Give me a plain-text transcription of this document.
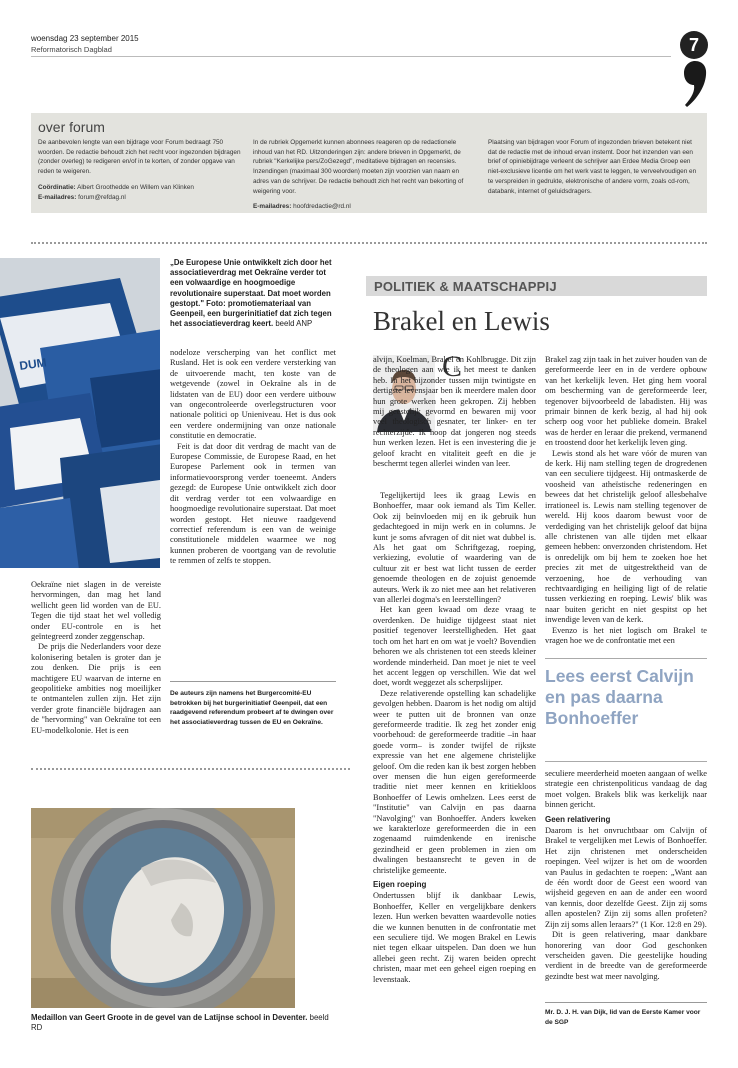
woensdag 23 september 2015
Reformatorisch Dagblad	7
over forum
De aanbevolen lengte van een bijdrage voor Forum bedraagt 750 woorden. De redactie behoudt zich het recht voor ingezonden bijdragen (zonder overleg) te redigeren en/of in te korten, of zonder opgave van reden te weigeren.
Coördinatie: Albert Groothedde en Willem van Klinken
E-mailadres: forum@refdag.nl
In de rubriek Opgemerkt kunnen abonnees reageren op de redactionele inhoud van het RD. Uitzonderingen zijn: andere brieven in Opgemerkt, de rubriek "Kerkelijke pers/ZoGezegd", meditatieve bijdragen en recensies. Inzendingen (maximaal 300 woorden) moeten zijn voorzien van naam en adres van de schrijver. De redactie behoudt zich het recht van bekorting of weigering voor.
E-mailadres: hoofdredactie@rd.nl
Plaatsing van bijdragen voor Forum of ingezonden brieven betekent niet dat de redactie met de inhoud ervan instemt. Door het inzenden van een brief of opiniebijdrage verleent de schrijver aan Erdee Media Groep een niet-exclusieve licentie om het werk vast te leggen, te verveelvoudigen en te verspreiden in gedrukte, elektronische of andere vorm, zoals cd-rom, databank, internet of geluidsdragers.
DUM
„De Europese Unie ontwikkelt zich door het associatieverdrag met Oekraïne verder tot een volwaardige en hoogmoedige revolutionaire superstaat. Dat moet worden gestopt." Foto: promotiemateriaal van Geenpeil, een burgerinitiatief dat zich tegen het associatieverdrag keert. beeld ANP

nodeloze verscherping van het conflict met Rusland. Het is ook een verdere versterking van de uitvoerende macht, ten koste van de wetgevende (zowel in Oekraïne als in de lidstaten van de EU) door een verdere uitbouw van ongecontroleerde overlegstructuren voor nationale politici op Unieniveau. Het is dus ook een verdere ondermijning van onze nationale constitutie en democratie.

Feit is dat door dit verdrag de macht van de Europese Commissie, de Europese Raad, en het Europese Parlement ook in termen van informatievoorsprong verder toeneemt. Anders gezegd: de Europese Unie ontwikkelt zich door dit verdrag verder tot een volwaardige en hoogmoedige revolutionaire superstaat. Dat moet worden gestopt. Het nieuwe raadgevend correctief referendum is een van de weinige constitutionele middelen waarmee we nog kunnen proberen de voortgang van de revolutie te remmen of zelfs te stoppen.

Oekraïne niet slagen in de vereiste hervormingen, dan mag het land wellicht geen lid worden van de EU. Tegen die tijd staat het wel volledig onder EU-controle en is het geïntegreerd zonder zeggenschap.

De prijs die Nederlanders voor deze kolonisering betalen is groter dan je zou denken. Die prijs is een machtigere EU waarvan de interne en geopolitieke ambities nog moeilijker te ontmantelen zullen zijn. Het zijn verder grote financiële bijdragen aan de "hervorming" van Oekraïne tot een EU-modelkolonie. Het is een

De auteurs zijn namens het Burgercomité-EU betrokken bij het burgerinitiatief Geenpeil, dat een raadgevend referendum probeert af te dwingen over het associatieverdrag tussen de EU en Oekraïne.
Medaillon van Geert Groote in de gevel van de Latijnse school in Deventer. beeld RD
POLITIEK & MAATSCHAPPIJ
Brakel en Lewis
C
alvijn, Koelman, Brakel en Kohlbrugge. Dit zijn de theologen aan wie ik het meest te danken heb. In het bijzonder tussen mijn twintigste en dertigste levensjaar ben ik meerdere malen door hun grote werken heen gekropen. Zij hebben mij geestelijk gevormd en bewaren mij voor veel theologisch gesnater, ter linker- en ter rechterzijde. Ik hoop dat jongeren nog steeds hun werken lezen. Het is een investering die je geloof kracht en vitaliteit geeft en die je beschermt tegen allerlei winden van leer.

Tegelijkertijd lees ik graag Lewis en Bonhoeffer, maar ook iemand als Tim Keller. Ook zij beïnvloeden mij en ik gebruik hun gedachtegoed in mijn werk en in columns. Je kunt je soms afvragen of dit niet wat dubbel is. Als het gaat om Schriftgezag, roeping, verkiezing, evolutie of waardering van de cultuur zit er best wat licht tussen de eerder genoemde theologen en de zojuist genoemde auteurs. Werk ik zo niet mee aan het relativeren van allerlei dogma's en leerstellingen?

Het kan geen kwaad om deze vraag te overdenken. De huidige tijdgeest staat niet positief tegenover leerstelligheden. Het gaat toch om het hart en om wat je voelt? Bovendien behoren we als christenen tot een steeds kleiner wordende minderheid. Dan moet je niet te veel het accent leggen op verschillen. Wie dat wel doet, wordt weggezet als scherpslijper.

Deze relativerende opstelling kan schadelijke gevolgen hebben. Daarom is het nodig om altijd weer te putten uit de bronnen van onze gereformeerde traditie. Ik zeg het zonder enig voorbehoud: de gereformeerde traditie –in haar goede vorm– is zonder twijfel de rijkste expressie van het ene algemene christelijke geloof. Om die reden kan ik best zorgen hebben over mensen die hun eigen gereformeerde traditie niet meer kennen en kritiekloos Bonhoeffer of Lewis omhelzen. Lees eerst de "Institutie" van Calvijn en pas daarna "Navolging" van Bonhoeffer. Anders kweken we karakterloze gereformeerden die in een zogenaamd ruimdenkende en irenische gezindheid er geen problemen in zien om dwalingen bestaansrecht te geven in de christelijke gemeente.

Eigen roeping

Ondertussen blijf ik dankbaar Lewis, Bonhoeffer, Keller en vergelijkbare denkers lezen. Hun werken bevatten waardevolle noties die we kunnen benutten in de confrontatie met een seculiere tijd. We mogen Brakel en Lewis niet tegen elkaar uitspelen. Dan doen we hun allebei geen recht. Zij waren beiden oprecht christen, maar met een geheel eigen roeping en levenstaak.

Brakel zag zijn taak in het zuiver houden van de gereformeerde leer en in de verdere opbouw van het kerkelijk leven. Het ging hem vooral om bescherming van de gereformeerde leer, tegenover bijvoorbeeld de labadisten. Hij was primair binnen de kerk bezig, al had hij ook scherp oog voor het publieke domein. Brakel was de herder en leraar die prekend, vermanend en troostend door het kerkelijk leven ging.

Lewis stond als het ware vóór de muren van de kerk. Hij nam stelling tegen de drogredenen van een seculiere tijdgeest. Hij ontmaskerde de voosheid van atheïstische redeneringen en bewees dat het christelijk geloof allesbehalve irrationeel is. Lewis nam stelling tegenover de wereld. Hij koos daarom bewust voor de verdediging van het christelijk geloof dat bijna alle christenen van alle tijden met elkaar gemeen hebben: onverzonden christendom. Het is onredelijk om bij hem te zoeken hoe het precies zit met de uitgestrektheid van de verzoening, hoe de verhouding van rechtvaardiging en heiliging ligt of de relatie tussen verkiezing en roeping. Lewis' blik was naar buiten gericht en niet gespitst op het inwendige leven van de kerk.

Evenzo is het niet logisch om Brakel te vragen hoe we de confrontatie met een

Lees eerst Calvijn en pas daarna Bonhoeffer

seculiere meerderheid moeten aangaan of welke strategie een christenpoliticus vandaag de dag moet volgen. Brakels blik was kerkelijk naar binnen gericht.

Geen relativering

Daarom is het onvruchtbaar om Calvijn of Brakel te vergelijken met Lewis of Bonhoeffer. Het zijn christenen met onderscheiden roepingen. Veel wijzer is het om de woorden van Paulus in gedachten te roepen: „Want aan de één wordt door de Geest een woord van wijsheid gegeven en aan de ander een woord van kennis, door dezelfde Geest. Zijn zij soms allen apostelen? Zijn zij soms allen profeten? Zijn zij soms allen leraars?" (1 Kor. 12:8 en 29).

Dit is geen relativering, maar dankbare honorering van door God geschonken verscheiden gaven. Die geestelijke houding verdient in de breedte van de gereformeerde gezindte best wat meer navolging.

Mr. D. J. H. van Dijk, lid van de Eerste Kamer voor de SGP
